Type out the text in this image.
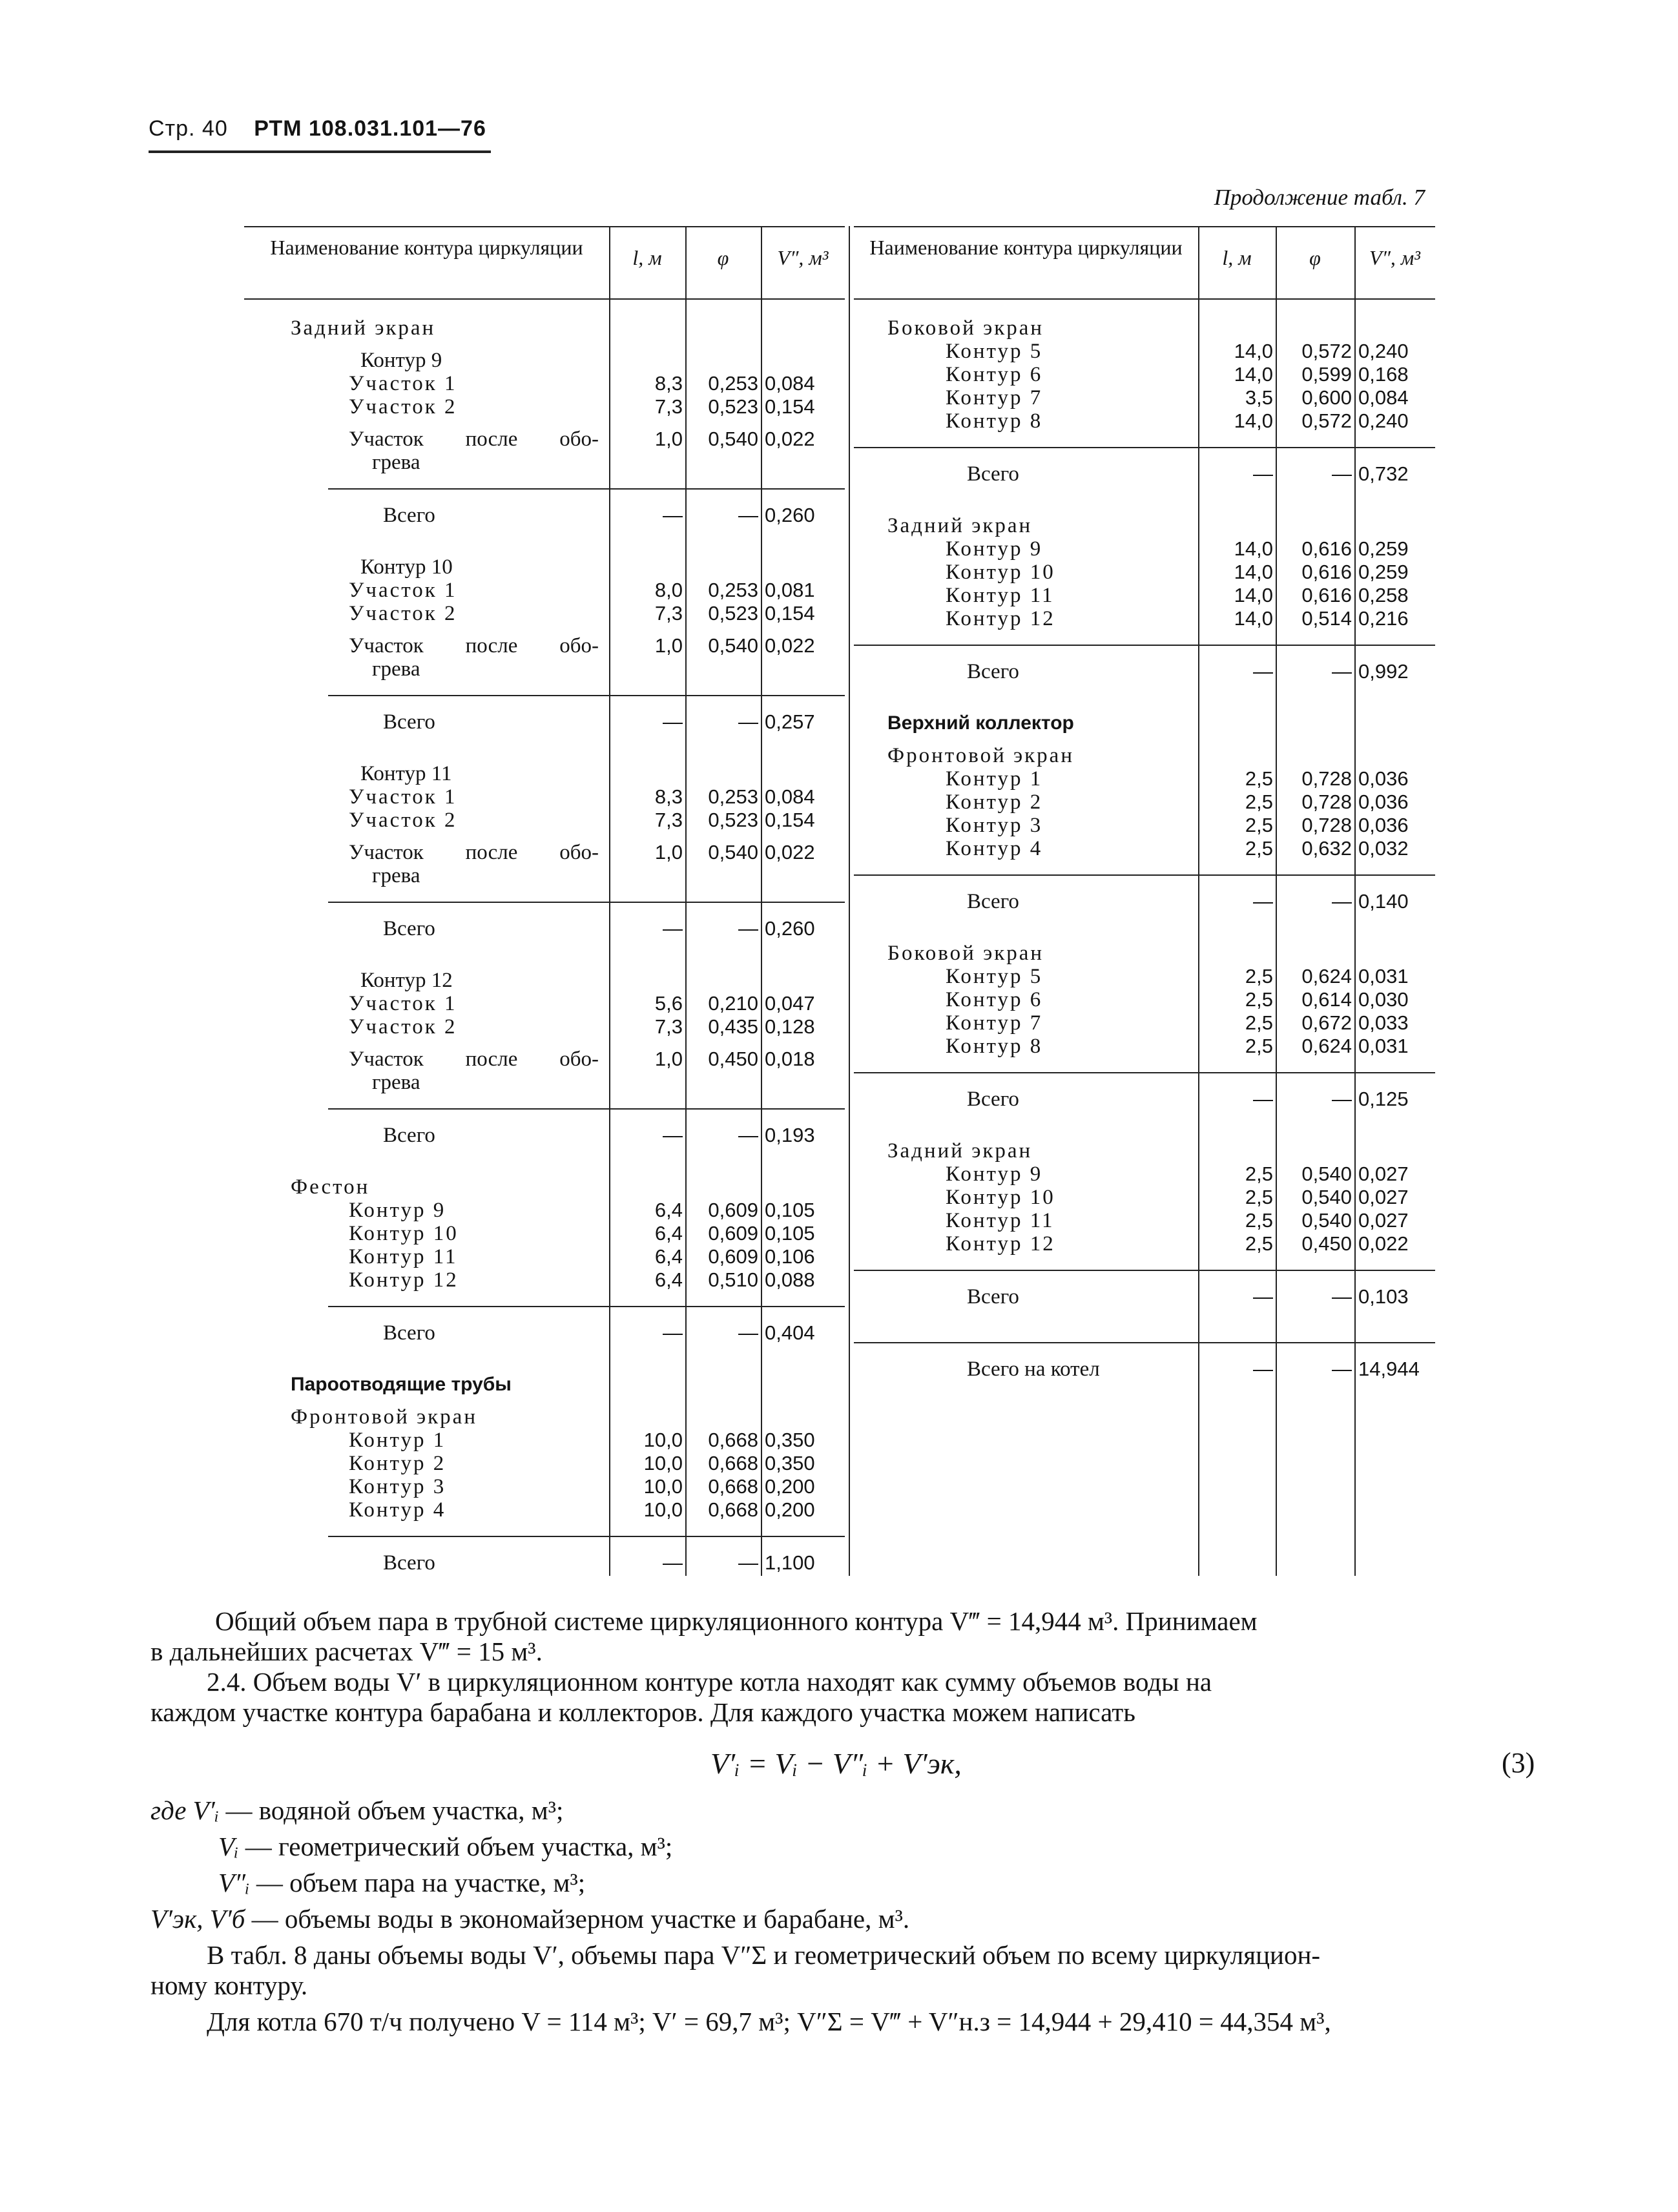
Стр. 40 РТМ 108.031.101—76
Продолжение табл. 7
Наименование контура циркуляции	l, м	φ	V″, м³
Задний экран
Контур 9
Участок 1	8,3	0,253 0,084
Участок 2	7,3	0,523 0,154
Участок после обо-	1,0	0,540 0,022
грева
Всего	—	— 0,260
Контур 10
Участок 1	8,0	0,253 0,081
Участок 2	7,3	0,523 0,154
Участок после обо-	1,0	0,540 0,022
грева
Всего	—	— 0,257
Контур 11
Участок 1	8,3	0,253 0,084
Участок 2	7,3	0,523 0,154
Участок после обо-	1,0	0,540 0,022
грева
Всего	—	— 0,260
Контур 12
Участок 1	5,6	0,210 0,047
Участок 2	7,3	0,435 0,128
Участок после обо-	1,0	0,450 0,018
грева
Всего	—	— 0,193
Фестон
Контур 9	6,4	0,609 0,105
Контур 10	6,4	0,609 0,105
Контур 11	6,4	0,609 0,106
Контур 12	6,4	0,510 0,088
Всего	—	— 0,404
Пароотводящие трубы
Фронтовой экран
Контур 1	10,0	0,668 0,350
Контур 2	10,0	0,668 0,350
Контур 3	10,0	0,668 0,200
Контур 4	10,0	0,668 0,200
Всего	—	— 1,100
Наименование контура циркуляции	l, м	φ	V″, м³
Боковой экран
Контур 5	14,0	0,572 0,240
Контур 6	14,0	0,599 0,168
Контур 7	3,5	0,600 0,084
Контур 8	14,0	0,572 0,240
Всего	—	— 0,732
Задний экран
Контур 9	14,0	0,616 0,259
Контур 10	14,0	0,616 0,259
Контур 11	14,0	0,616 0,258
Контур 12	14,0	0,514 0,216
Всего	—	— 0,992
Верхний коллектор
Фронтовой экран
Контур 1	2,5	0,728 0,036
Контур 2	2,5	0,728 0,036
Контур 3	2,5	0,728 0,036
Контур 4	2,5	0,632 0,032
Всего	—	— 0,140
Боковой экран
Контур 5	2,5	0,624 0,031
Контур 6	2,5	0,614 0,030
Контур 7	2,5	0,672 0,033
Контур 8	2,5	0,624 0,031
Всего	—	— 0,125
Задний экран
Контур 9	2,5	0,540 0,027
Контур 10	2,5	0,540 0,027
Контур 11	2,5	0,540 0,027
Контур 12	2,5	0,450 0,022
Всего	—	— 0,103
Всего на котел	—	— 14,944
Общий объем пара в трубной системе циркуляционного контура V‴ = 14,944 м³. Принимаем
в дальнейших расчетах V‴ = 15 м³.
2.4. Объем воды V′ в циркуляционном контуре котла находят как сумму объемов воды на
каждом участке контура барабана и коллекторов. Для каждого участка можем написать
V′ᵢ = Vᵢ − V″ᵢ + V′эк,	(3)
где V′ᵢ — водяной объем участка, м³;
Vᵢ — геометрический объем участка, м³;
V″ᵢ — объем пара на участке, м³;
V′эк, V′б — объемы воды в экономайзерном участке и барабане, м³.
В табл. 8 даны объемы воды V′, объемы пара V″Σ и геометрический объем по всему циркуляцион-
ному контуру.
Для котла 670 т/ч получено V = 114 м³; V′ = 69,7 м³; V″Σ = V‴ + V″н.з = 14,944 + 29,410 = 44,354 м³,
